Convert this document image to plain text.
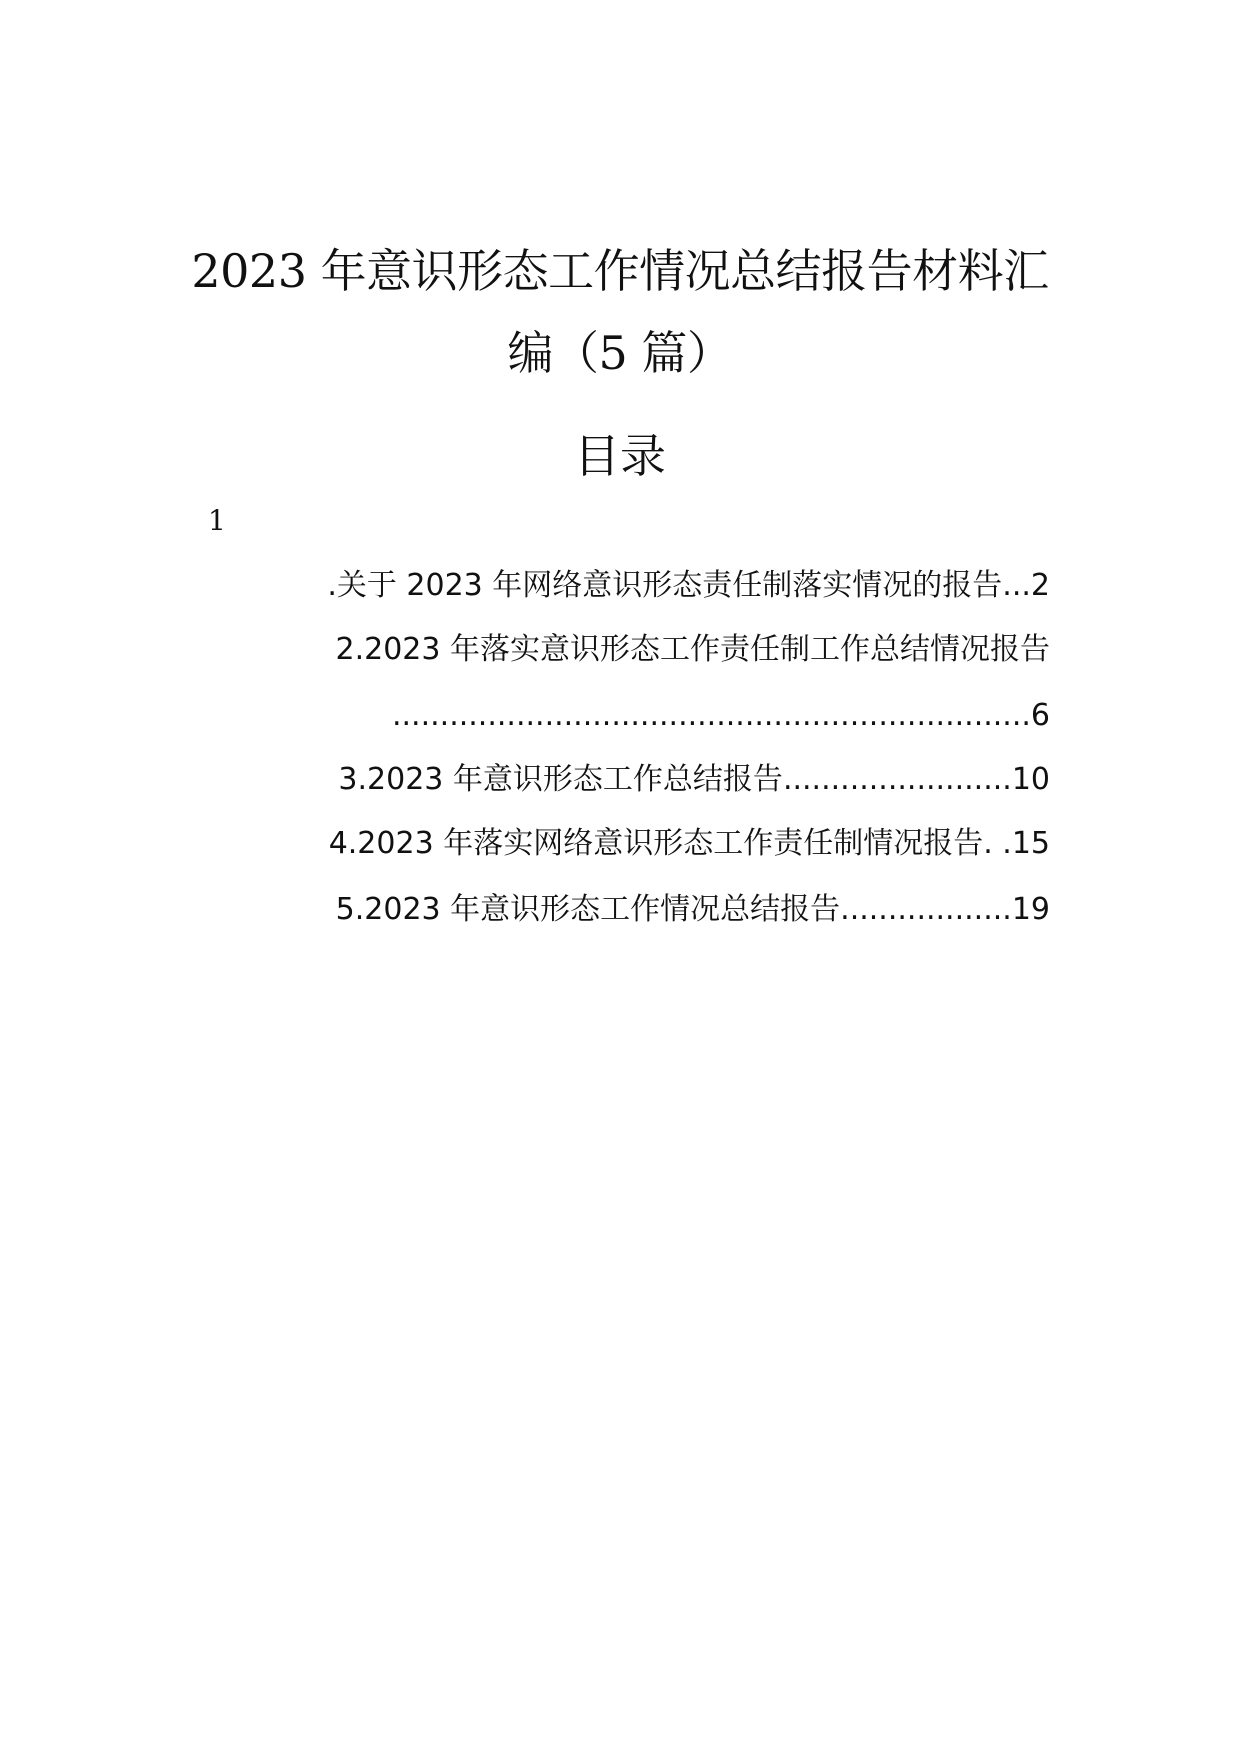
2023 年意识形态工作情况总结报告材料汇
编（5 篇）
目录
1
.关于 2023 年网络意识形态责任制落实情况的报告...2
2.2023 年落实意识形态工作责任制工作总结情况报告
...................................................................6
3.2023 年意识形态工作总结报告........................10
4.2023 年落实网络意识形态工作责任制情况报告. .15
5.2023 年意识形态工作情况总结报告..................19
